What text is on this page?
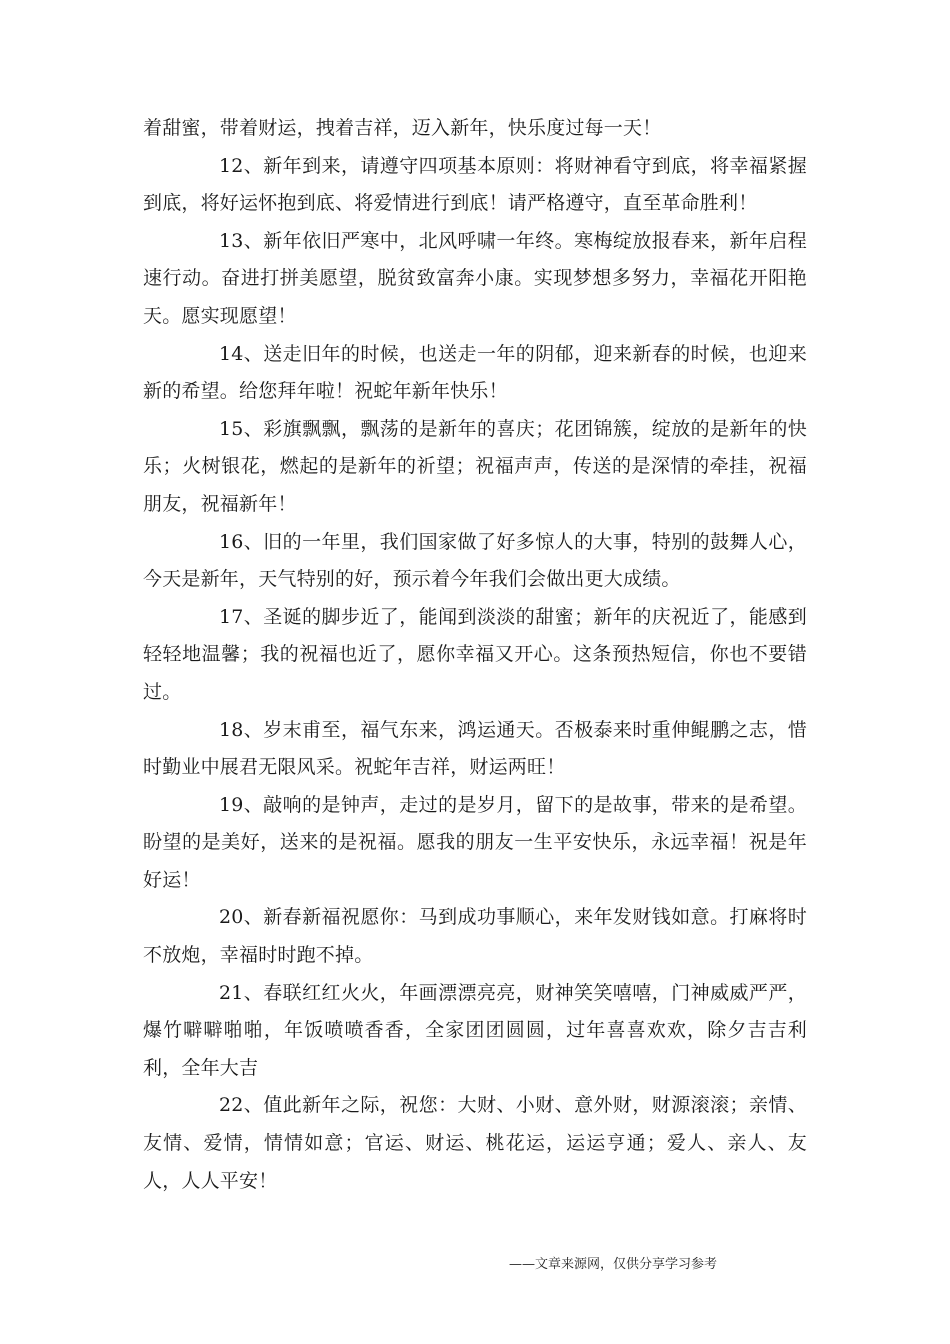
着甜蜜，带着财运，拽着吉祥，迈入新年，快乐度过每一天！

12、新年到来，请遵守四项基本原则：将财神看守到底，将幸福紧握到底，将好运怀抱到底、将爱情进行到底！请严格遵守，直至革命胜利！

13、新年依旧严寒中，北风呼啸一年终。寒梅绽放报春来，新年启程速行动。奋进打拼美愿望，脱贫致富奔小康。实现梦想多努力，幸福花开阳艳天。愿实现愿望！

14、送走旧年的时候，也送走一年的阴郁，迎来新春的时候，也迎来新的希望。给您拜年啦！祝蛇年新年快乐！

15、彩旗飘飘，飘荡的是新年的喜庆；花团锦簇，绽放的是新年的快乐；火树银花，燃起的是新年的祈望；祝福声声，传送的是深情的牵挂，祝福朋友，祝福新年！

16、旧的一年里，我们国家做了好多惊人的大事，特别的鼓舞人心，今天是新年，天气特别的好，预示着今年我们会做出更大成绩。

17、圣诞的脚步近了，能闻到淡淡的甜蜜；新年的庆祝近了，能感到轻轻地温馨；我的祝福也近了，愿你幸福又开心。这条预热短信，你也不要错过。

18、岁末甫至，福气东来，鸿运通天。否极泰来时重伸鲲鹏之志，惜时勤业中展君无限风采。祝蛇年吉祥，财运两旺！

19、敲响的是钟声，走过的是岁月，留下的是故事，带来的是希望。盼望的是美好，送来的是祝福。愿我的朋友一生平安快乐，永远幸福！祝是年好运！

20、新春新福祝愿你：马到成功事顺心，来年发财钱如意。打麻将时不放炮，幸福时时跑不掉。

21、春联红红火火，年画漂漂亮亮，财神笑笑嘻嘻，门神威威严严，爆竹噼噼啪啪，年饭喷喷香香，全家团团圆圆，过年喜喜欢欢，除夕吉吉利利，全年大吉

22、值此新年之际，祝您：大财、小财、意外财，财源滚滚；亲情、友情、爱情，情情如意；官运、财运、桃花运，运运亨通；爱人、亲人、友人，人人平安！

——文章来源网，仅供分享学习参考
